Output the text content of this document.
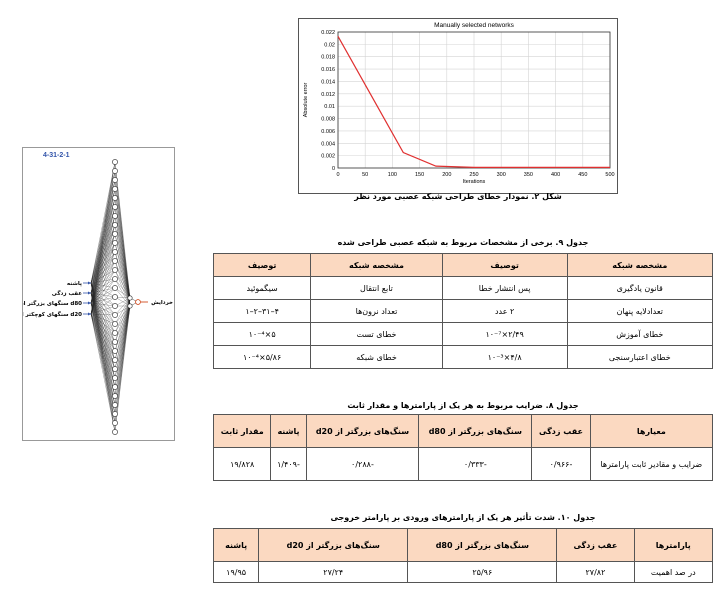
Manually selected networks
0	50	100	150	200	250	300	350	400	450	500
0
0.002
0.004
0.006
0.008
0.01
0.012
0.014
0.016
0.018
0.02
0.022
Iterations
Absolute error
شکل ۲. نمودار خطای طراحی شبکه عصبی مورد نظر
4-31-2-1
پاشنه
عقب زدگی
سنگهای بزرگتر از d80
سنگهای کوچکتر از d20
خرد‌ایش
جدول ۹. برخی از مشخصات مربوط به شبکه عصبی طراحی شده
مشخصه شبکه	توصیف	مشخصه شبکه	توصیف
قانون یادگیری	پس انتشار خطا	تابع انتقال	سیگموئید
تعدادلایه پنهان	۲ عدد	تعداد نرون‌ها	۴–۳۱–۲–۱
خطای آموزش	۲/۴۹×۱۰⁻⁷	خطای تست	۵×۱۰⁻⁴
خطای اعتبارسنجی	۴/۸×۱۰⁻³	خطای شبکه	۵/۸۶×۱۰⁻⁴
جدول ۸. ضرایب مربوط به هر یک از پارامترها و مقدار ثابت
معیارها	عقب زدگی	سنگ‌های بزرگتر از d80	سنگ‌های بزرگتر از d20	پاشنه	مقدار ثابت
ضرایب و مقادیر ثابت پارامترها	-۰/۹۶۶	-۰/۳۳۳	-۰/۲۸۸	-۱/۴۰۹	۱۹/۸۲۸
جدول ۱۰. شدت تأثیر هر یک از پارامترهای ورودی بر پارامتر خروجی
پارامترها	عقب زدگی	سنگ‌های بزرگتر از d80	سنگ‌های بزرگتر از d20	پاشنه
در صد اهمیت	۲۷/۸۲	۲۵/۹۶	۲۷/۲۴	۱۹/۹۵
